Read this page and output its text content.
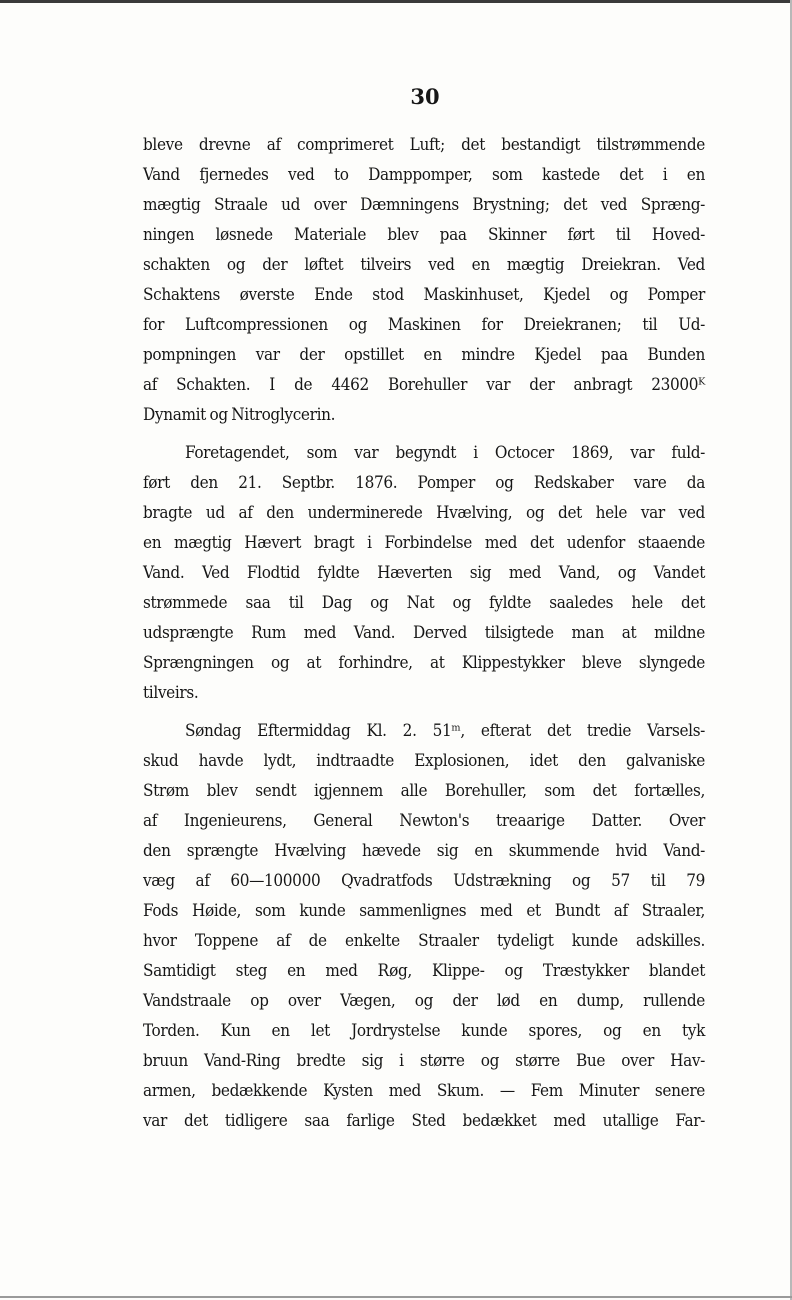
30
bleve drevne af comprimeret Luft; det bestandigt tilstrømmende
Vand fjernedes ved to Damppomper, som kastede det i en
mægtig Straale ud over Dæmningens Brystning; det ved Spræng-
ningen løsnede Materiale blev paa Skinner ført til Hoved-
schakten og der løftet tilveirs ved en mægtig Dreiekran. Ved
Schaktens øverste Ende stod Maskinhuset, Kjedel og Pomper
for Luftcompressionen og Maskinen for Dreiekranen; til Ud-
pompningen var der opstillet en mindre Kjedel paa Bunden
af Schakten. I de 4462 Borehuller var der anbragt 23000ᴷ
Dynamit og Nitroglycerin.
Foretagendet, som var begyndt i Octocer 1869, var fuld-
ført den 21. Septbr. 1876. Pomper og Redskaber vare da
bragte ud af den underminerede Hvælving, og det hele var ved
en mægtig Hævert bragt i Forbindelse med det udenfor staaende
Vand. Ved Flodtid fyldte Hæverten sig med Vand, og Vandet
strømmede saa til Dag og Nat og fyldte saaledes hele det
udsprængte Rum med Vand. Derved tilsigtede man at mildne
Sprængningen og at forhindre, at Klippestykker bleve slyngede
tilveirs.
Søndag Eftermiddag Kl. 2. 51ᵐ, efterat det tredie Varsels-
skud havde lydt, indtraadte Explosionen, idet den galvaniske
Strøm blev sendt igjennem alle Borehuller, som det fortælles,
af Ingenieurens, General Newton's treaarige Datter. Over
den sprængte Hvælving hævede sig en skummende hvid Vand-
væg af 60—100000 Qvadratfods Udstrækning og 57 til 79
Fods Høide, som kunde sammenlignes med et Bundt af Straaler,
hvor Toppene af de enkelte Straaler tydeligt kunde adskilles.
Samtidigt steg en med Røg, Klippe- og Træstykker blandet
Vandstraale op over Vægen, og der lød en dump, rullende
Torden. Kun en let Jordrystelse kunde spores, og en tyk
bruun Vand-Ring bredte sig i større og større Bue over Hav-
armen, bedækkende Kysten med Skum. — Fem Minuter senere
var det tidligere saa farlige Sted bedækket med utallige Far-
